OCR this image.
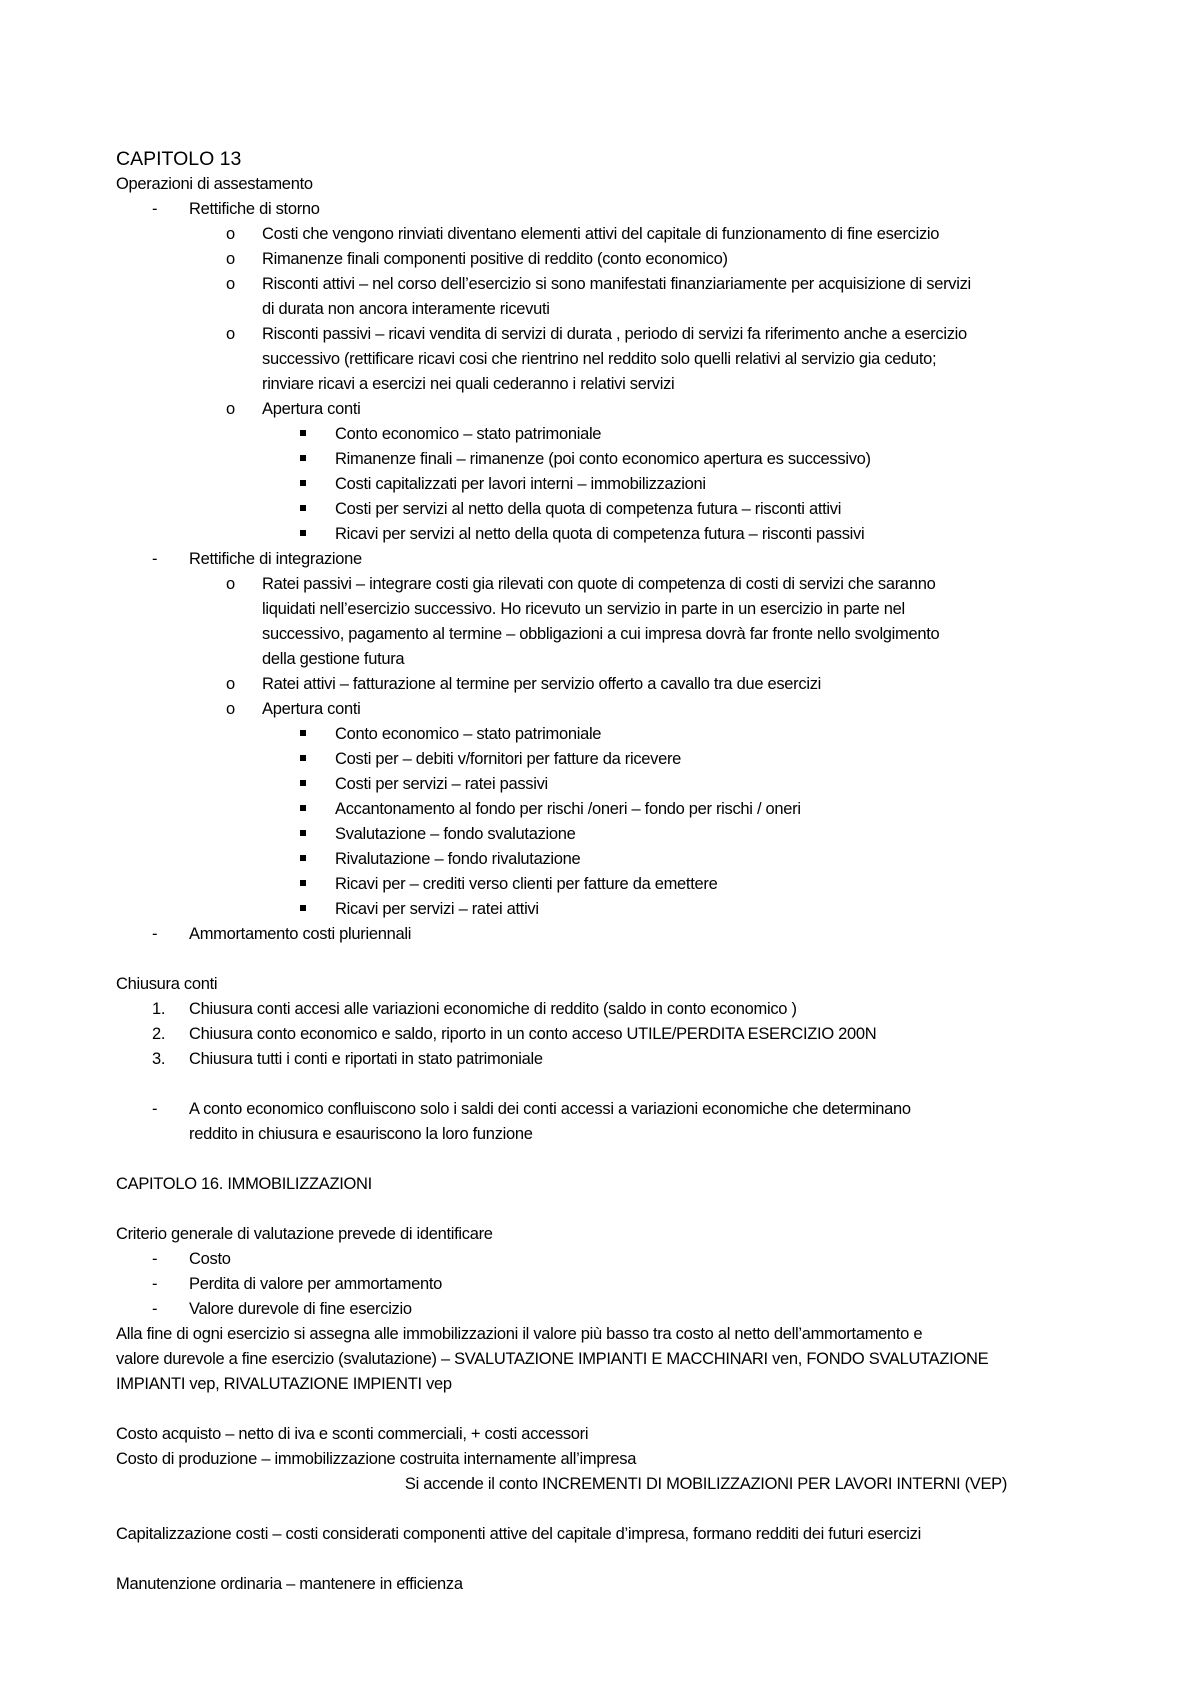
CAPITOLO 13
Operazioni di assestamento
-	Rettifiche di storno
o	Costi che vengono rinviati diventano elementi attivi del capitale di funzionamento di fine esercizio
o	Rimanenze finali componenti positive di reddito (conto economico)
o	Risconti attivi – nel corso dell’esercizio si sono manifestati finanziariamente per acquisizione di servizi
di durata non ancora interamente ricevuti
o	Risconti passivi – ricavi vendita di servizi di durata , periodo di servizi fa riferimento anche a esercizio
successivo (rettificare ricavi cosi che rientrino nel reddito solo quelli relativi al servizio gia ceduto;
rinviare ricavi a esercizi nei quali cederanno i relativi servizi
o	Apertura conti
Conto economico – stato patrimoniale
Rimanenze finali – rimanenze (poi conto economico apertura es successivo)
Costi capitalizzati per lavori interni – immobilizzazioni
Costi per servizi al netto della quota di competenza futura – risconti attivi
Ricavi per servizi al netto della quota di competenza futura – risconti passivi
-	Rettifiche di integrazione
o	Ratei passivi – integrare costi gia rilevati con quote di competenza di costi di servizi che saranno
liquidati nell’esercizio successivo. Ho ricevuto un servizio in parte in un esercizio in parte nel
successivo, pagamento al termine – obbligazioni a cui impresa dovrà far fronte nello svolgimento
della gestione futura
o	Ratei attivi – fatturazione al termine per servizio offerto a cavallo tra due esercizi
o	Apertura conti
Conto economico – stato patrimoniale
Costi per – debiti v/fornitori per fatture da ricevere
Costi per servizi – ratei passivi
Accantonamento al fondo per rischi /oneri – fondo per rischi / oneri
Svalutazione – fondo svalutazione
Rivalutazione – fondo rivalutazione
Ricavi per – crediti verso clienti per fatture da emettere
Ricavi per servizi – ratei attivi
-	Ammortamento costi pluriennali
Chiusura conti
1.	Chiusura conti accesi alle variazioni economiche di reddito (saldo in conto economico )
2.	Chiusura conto economico e saldo, riporto in un conto acceso UTILE/PERDITA ESERCIZIO 200N
3.	Chiusura tutti i conti e riportati in stato patrimoniale
-	A conto economico confluiscono solo i saldi dei conti accessi a variazioni economiche che determinano
reddito in chiusura e esauriscono la loro funzione
CAPITOLO 16. IMMOBILIZZAZIONI
Criterio generale di valutazione prevede di identificare
-	Costo
-	Perdita di valore per ammortamento
-	Valore durevole di fine esercizio
Alla fine di ogni esercizio si assegna alle immobilizzazioni il valore più basso tra costo al netto dell’ammortamento e
valore durevole a fine esercizio (svalutazione) – SVALUTAZIONE IMPIANTI E MACCHINARI ven, FONDO SVALUTAZIONE
IMPIANTI vep, RIVALUTAZIONE IMPIENTI vep
Costo acquisto – netto di iva e sconti commerciali, + costi accessori
Costo di produzione – immobilizzazione costruita internamente all’impresa
Si accende il conto INCREMENTI DI MOBILIZZAZIONI PER LAVORI INTERNI (VEP)
Capitalizzazione costi – costi considerati componenti attive del capitale d’impresa, formano redditi dei futuri esercizi
Manutenzione ordinaria – mantenere in efficienza
